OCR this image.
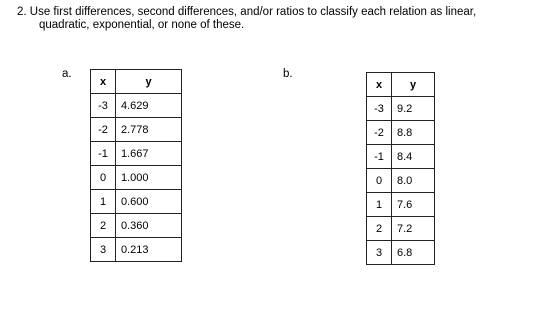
2. Use first differences, second differences, and/or ratios to classify each relation as linear,
quadratic, exponential, or none of these.
a.
x	y
-3	4.629
-2	2.778
-1	1.667
0	1.000
1	0.600
2	0.360
3	0.213
b.
x	y
-3	9.2
-2	8.8
-1	8.4
0	8.0
1	7.6
2	7.2
3	6.8
